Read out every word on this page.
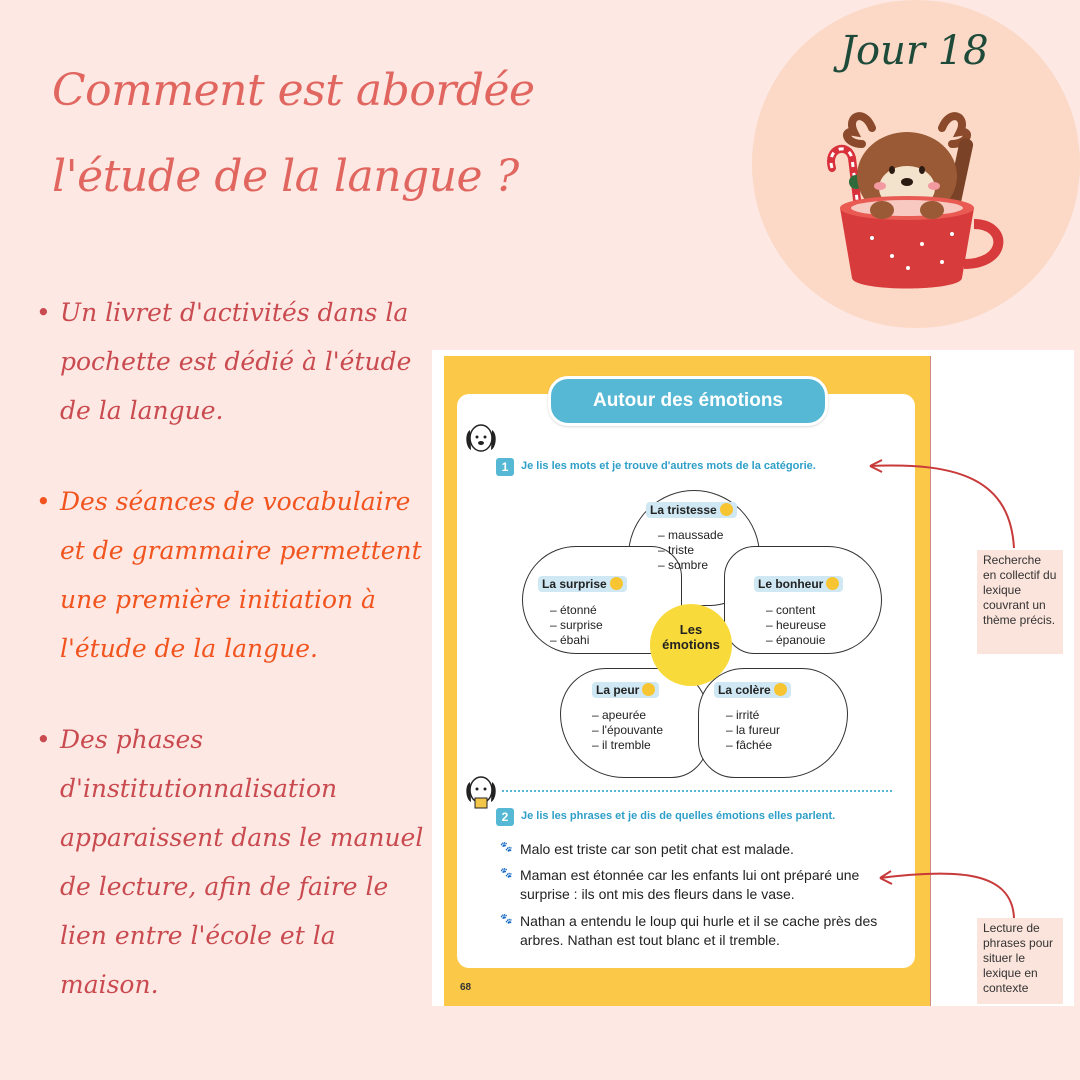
Comment est abordée l'étude de la langue ?
Jour 18
• Un livret d'activités dans la pochette est dédié à l'étude de la langue.
• Des séances de vocabulaire et de grammaire permettent une première initiation à l'étude de la langue.
• Des phases d'institutionnalisation apparaissent dans le manuel de lecture, afin de faire le lien entre l'école et la maison.
Autour des émotions
1	Je lis les mots et je trouve d'autres mots de la catégorie.
Les
émotions
La tristesse
– maussade
– triste
– sombre
La surprise
– étonné
– surprise
– ébahi
Le bonheur
– content
– heureuse
– épanouie
La peur
– apeurée
– l'épouvante
– il tremble
La colère
– irrité
– la fureur
– fâchée
2	Je lis les phrases et je dis de quelles émotions elles parlent.
🐾 Malo est triste car son petit chat est malade.
🐾 Maman est étonnée car les enfants lui ont préparé une surprise : ils ont mis des fleurs dans le vase.
🐾 Nathan a entendu le loup qui hurle et il se cache près des arbres. Nathan est tout blanc et il tremble.
68
Recherche en collectif du lexique couvrant un thème précis.
Lecture de phrases pour situer le lexique en contexte
